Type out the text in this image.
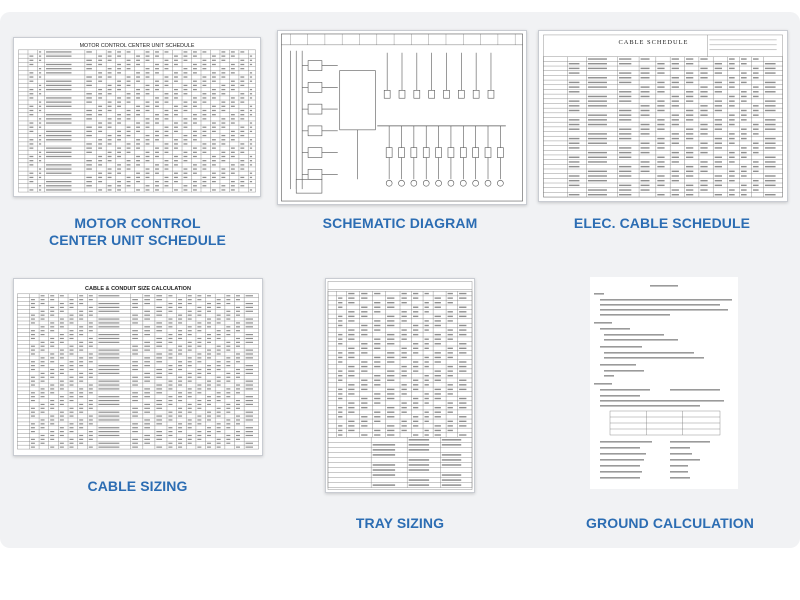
MOTOR CONTROL CENTER UNIT SCHEDULE
MOTOR CONTROL
CENTER UNIT SCHEDULE
SCHEMATIC DIAGRAM
CABLE SCHEDULE
ELEC. CABLE SCHEDULE
CABLE & CONDUIT SIZE CALCULATION
CABLE SIZING
TRAY SIZING	GROUND CALCULATION
